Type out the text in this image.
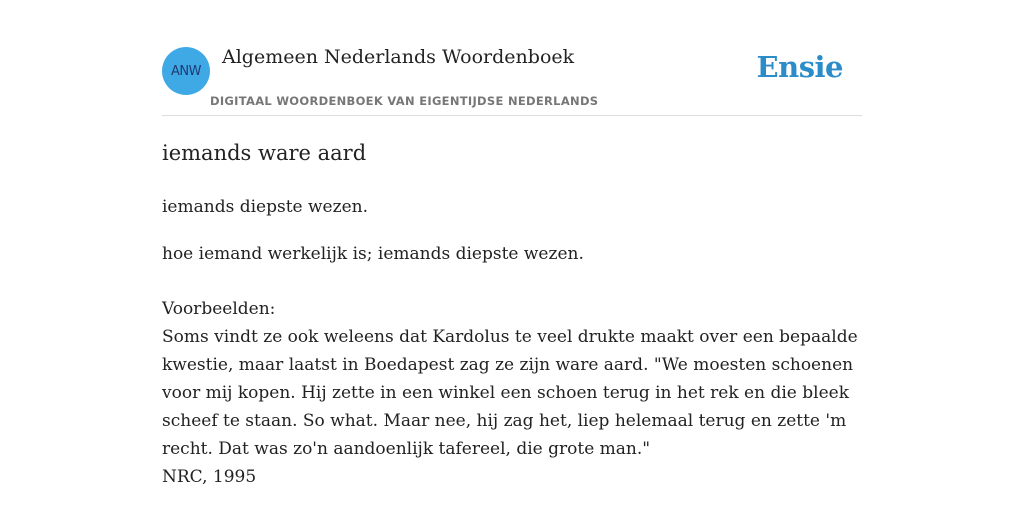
ANW
Algemeen Nederlands Woordenboek
DIGITAAL WOORDENBOEK VAN EIGENTIJDSE NEDERLANDS
Ensie
iemands ware aard
iemands diepste wezen.
hoe iemand werkelijk is; iemands diepste wezen.
Voorbeelden:
Soms vindt ze ook weleens dat Kardolus te veel drukte maakt over een bepaalde kwestie, maar laatst in Boedapest zag ze zijn ware aard. "We moesten schoenen voor mij kopen. Hij zette in een winkel een schoen terug in het rek en die bleek scheef te staan. So what. Maar nee, hij zag het, liep helemaal terug en zette 'm recht. Dat was zo'n aandoenlijk tafereel, die grote man."
NRC, 1995
